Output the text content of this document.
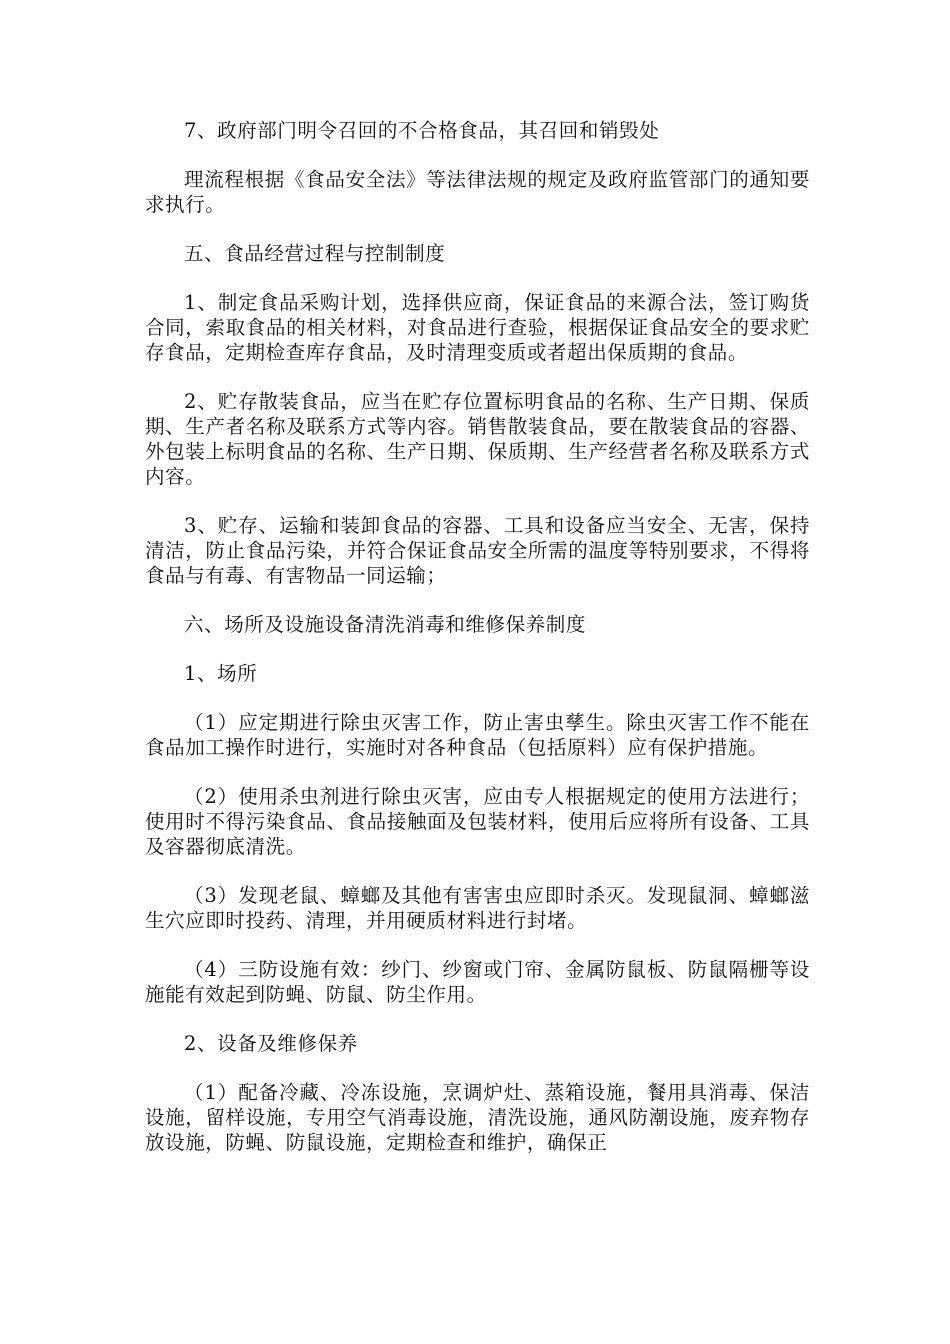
7、政府部门明令召回的不合格食品，其召回和销毁处

理流程根据《食品安全法》等法律法规的规定及政府监管部门的通知要求执行。

五、食品经营过程与控制制度

1、制定食品采购计划，选择供应商，保证食品的来源合法，签订购货合同，索取食品的相关材料，对食品进行查验，根据保证食品安全的要求贮存食品，定期检查库存食品，及时清理变质或者超出保质期的食品。

2、贮存散装食品，应当在贮存位置标明食品的名称、生产日期、保质期、生产者名称及联系方式等内容。销售散装食品，要在散装食品的容器、外包装上标明食品的名称、生产日期、保质期、生产经营者名称及联系方式内容。

3、贮存、运输和装卸食品的容器、工具和设备应当安全、无害，保持清洁，防止食品污染，并符合保证食品安全所需的温度等特别要求，不得将食品与有毒、有害物品一同运输；

六、场所及设施设备清洗消毒和维修保养制度

1、场所

（1）应定期进行除虫灭害工作，防止害虫孳生。除虫灭害工作不能在食品加工操作时进行，实施时对各种食品（包括原料）应有保护措施。

（2）使用杀虫剂进行除虫灭害，应由专人根据规定的使用方法进行；使用时不得污染食品、食品接触面及包装材料，使用后应将所有设备、工具及容器彻底清洗。

（3）发现老鼠、蟑螂及其他有害害虫应即时杀灭。发现鼠洞、蟑螂滋生穴应即时投药、清理，并用硬质材料进行封堵。

（4）三防设施有效：纱门、纱窗或门帘、金属防鼠板、防鼠隔栅等设施能有效起到防蝇、防鼠、防尘作用。

2、设备及维修保养

（1）配备冷藏、冷冻设施，烹调炉灶、蒸箱设施，餐用具消毒、保洁设施，留样设施，专用空气消毒设施，清洗设施，通风防潮设施，废弃物存放设施，防蝇、防鼠设施，定期检查和维护，确保正
